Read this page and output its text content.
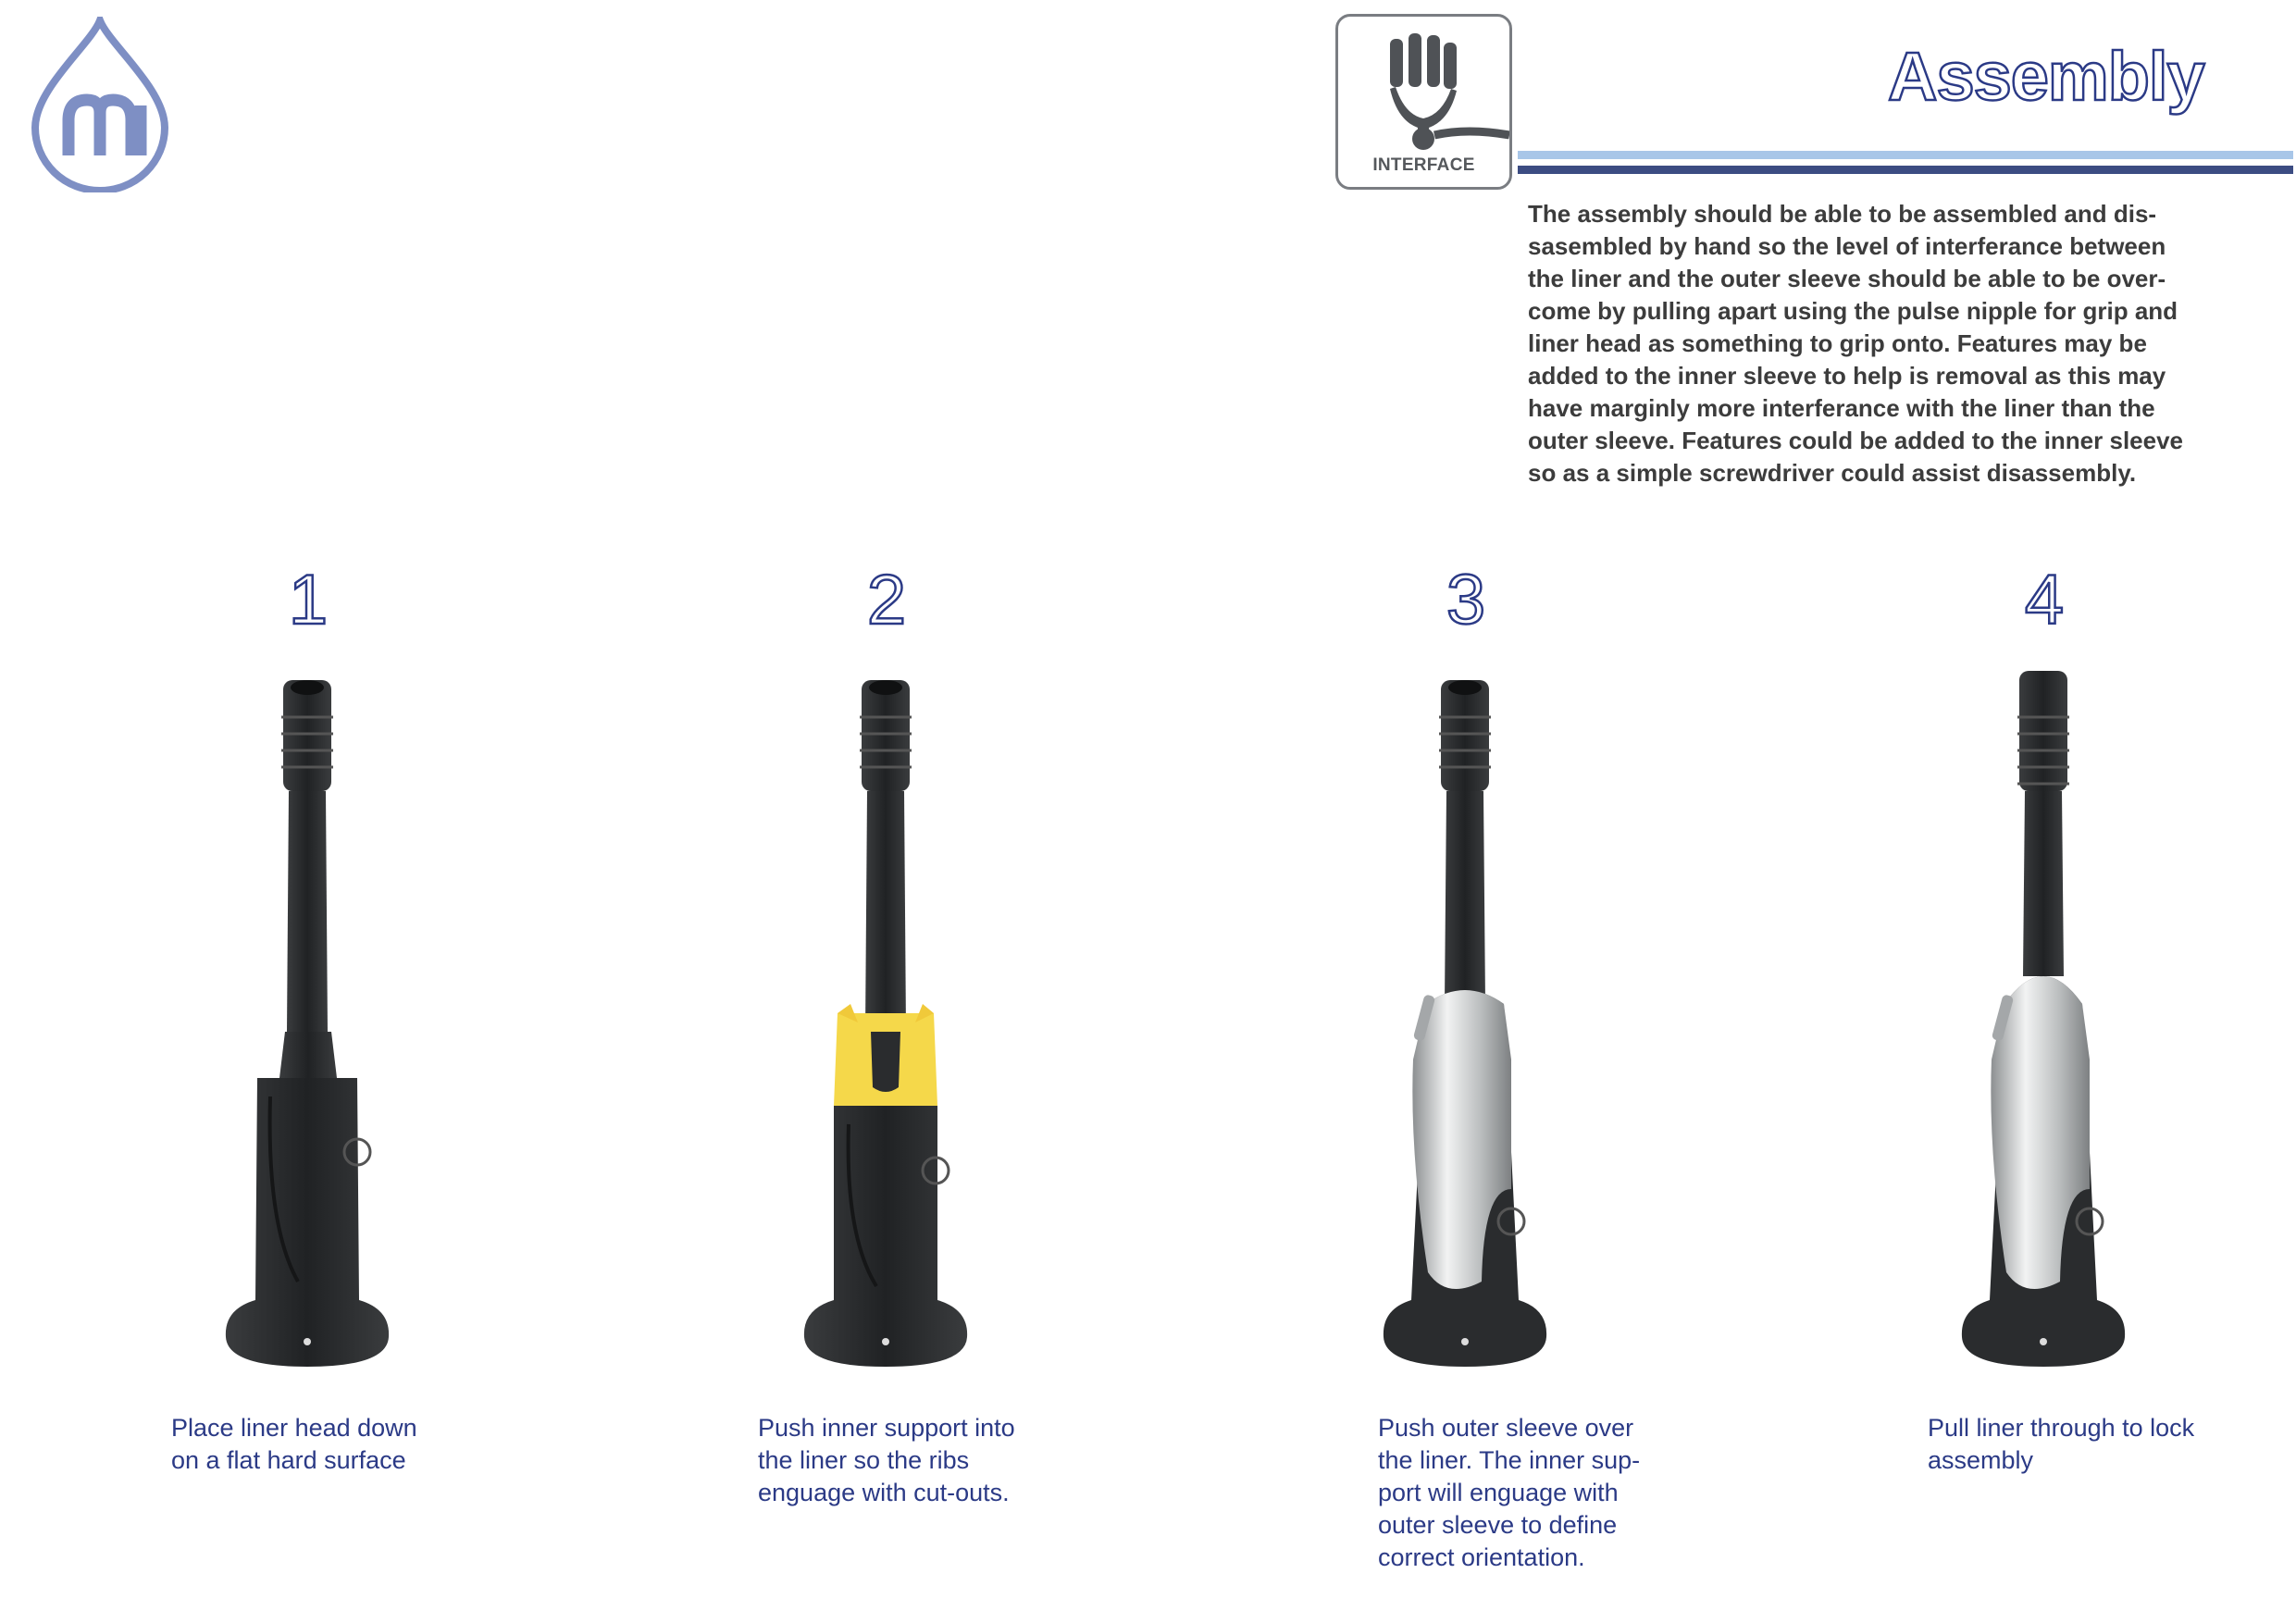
INTERFACE
Assembly

The assembly should be able to be assembled and dis-
sasembled by hand so the level of interferance between
the liner and the outer sleeve should be able to be over-
come by pulling apart using the pulse nipple for grip and
liner head as something to grip onto. Features may be
added to the inner sleeve to help is removal as this may
have marginly more interferance with the liner than the
outer sleeve. Features could be added to the inner sleeve
so as a simple screwdriver could assist disassembly.

1

Place liner head down
on a flat hard surface

2

Push inner support into
the liner so the ribs
enguage with cut-outs.

3

Push outer sleeve over
the liner. The inner sup-
port will enguage with
outer sleeve to define
correct orientation.

4

Pull liner through to lock
assembly
